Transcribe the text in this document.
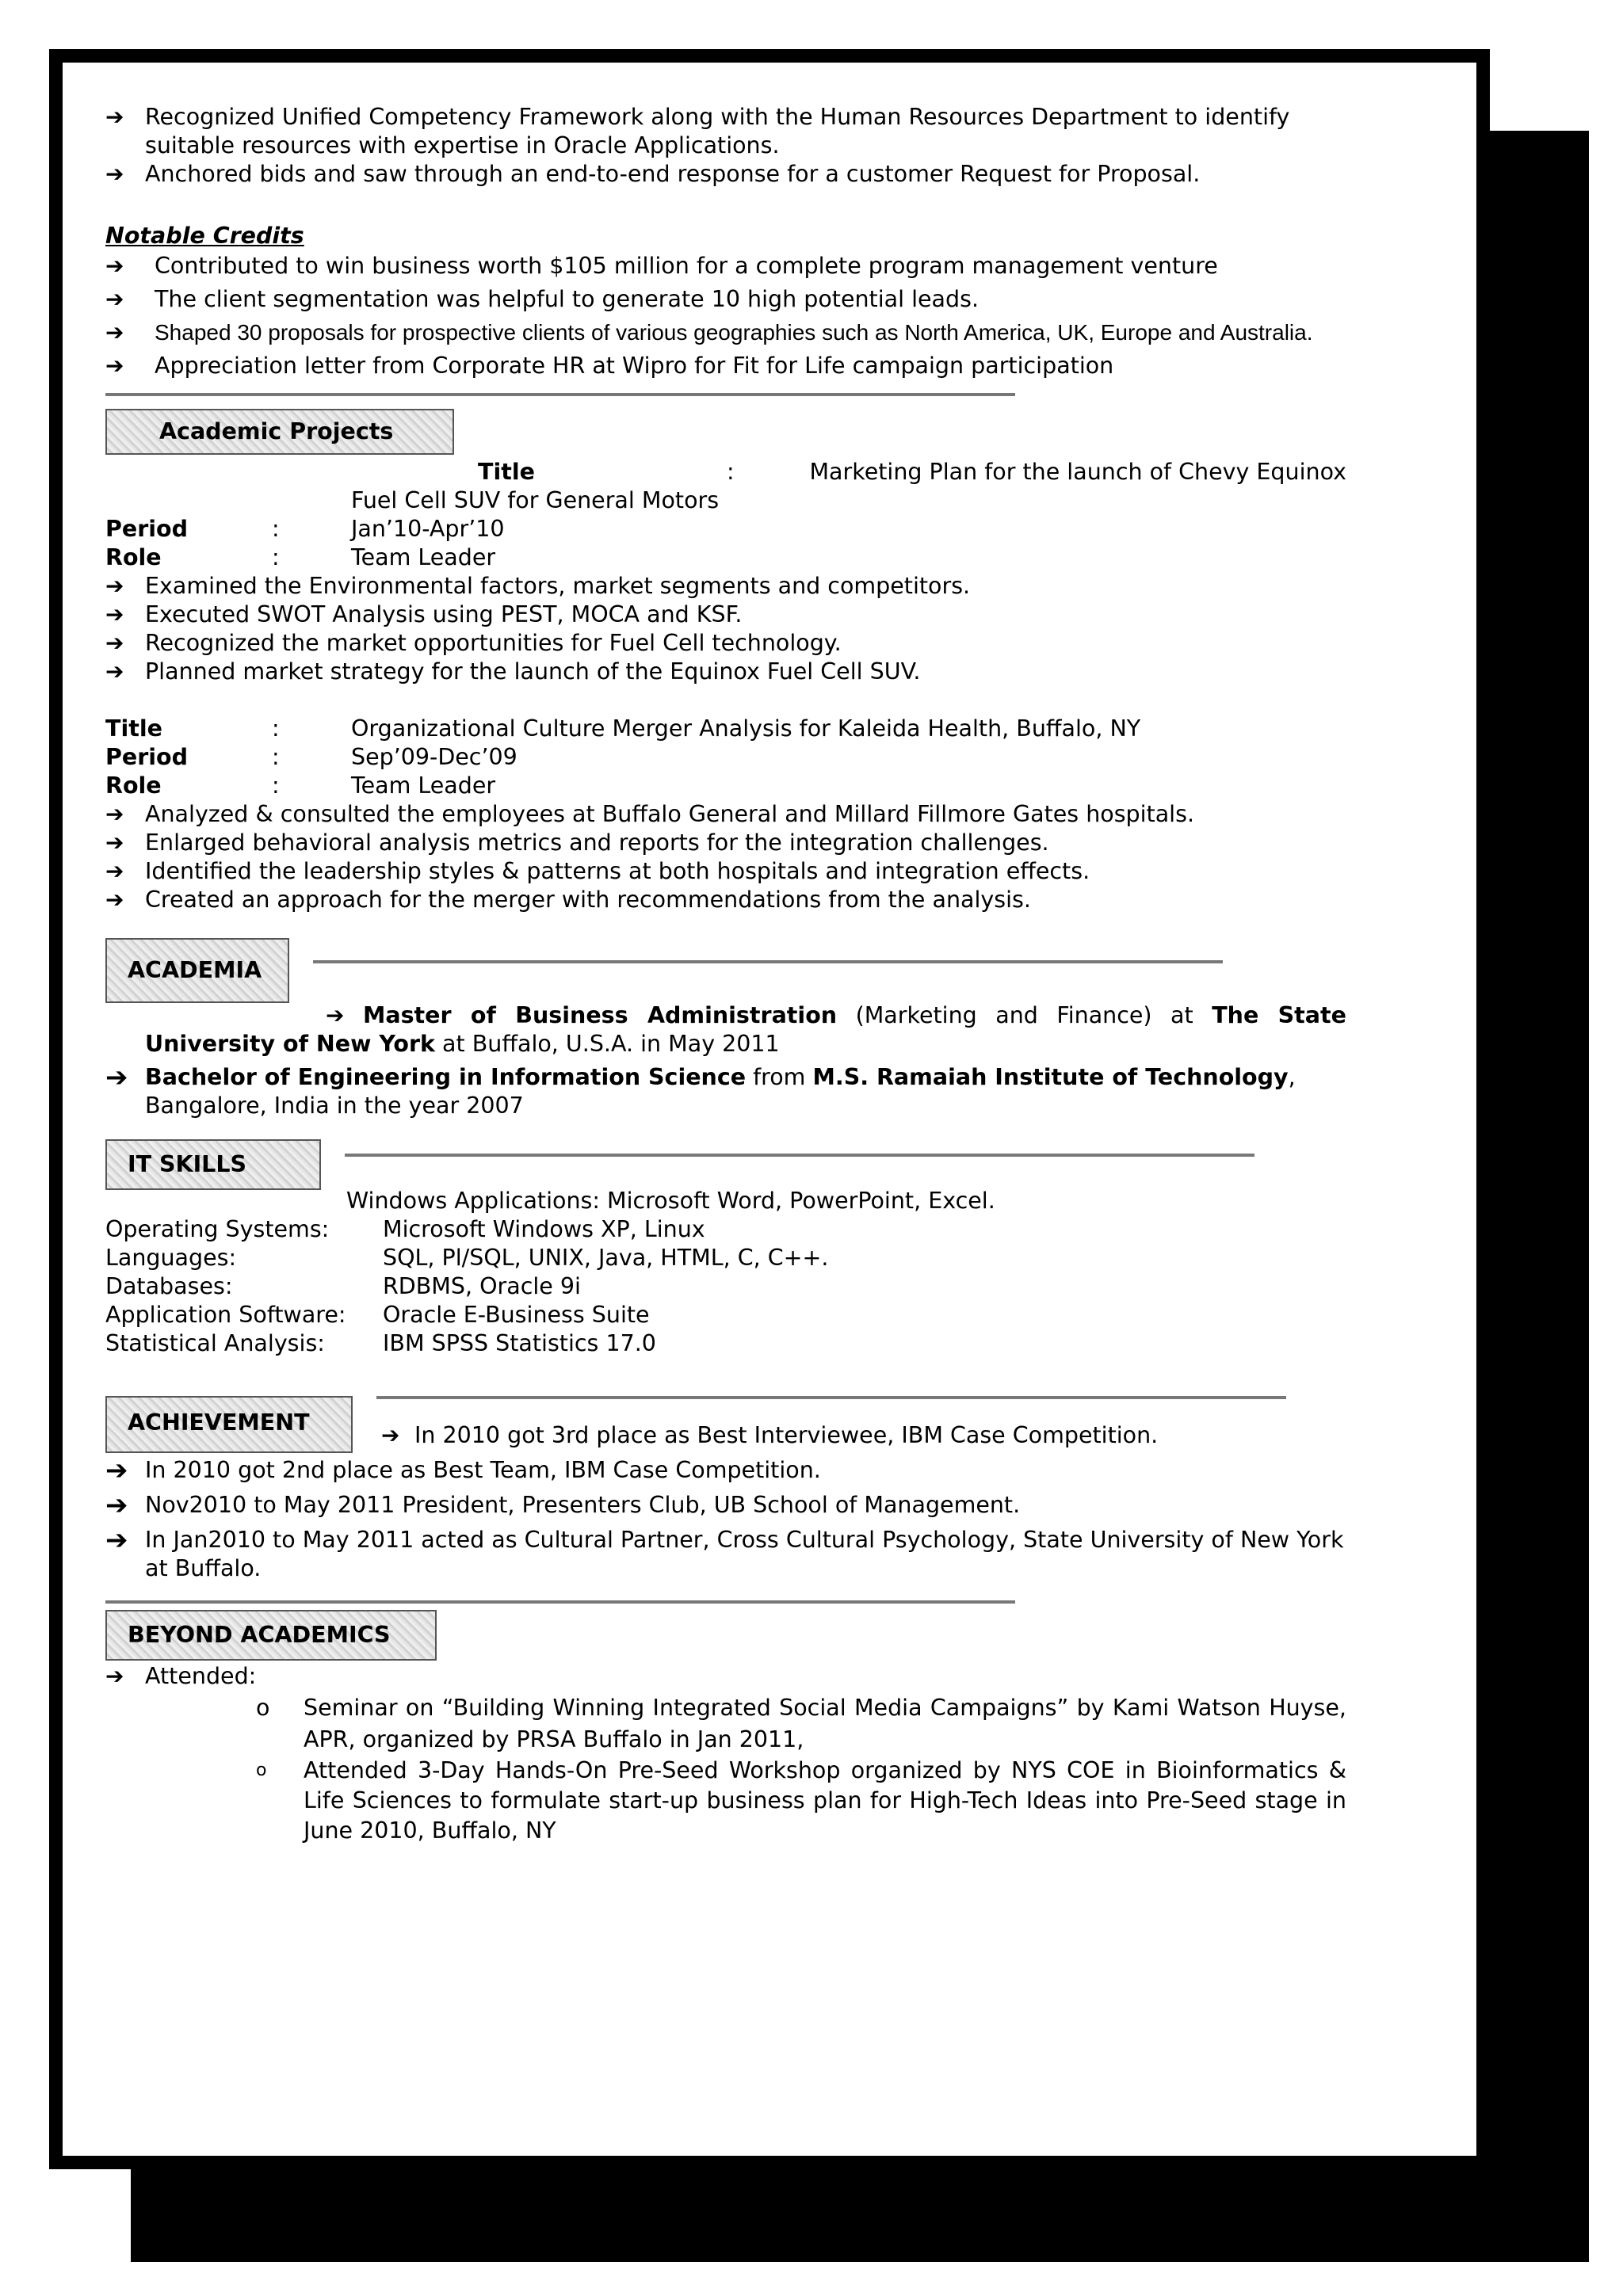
➔ Recognized Unified Competency Framework along with the Human Resources Department to identify suitable resources with expertise in Oracle Applications.
➔ Anchored bids and saw through an end-to-end response for a customer Request for Proposal.
Notable Credits
➔	Contributed to win business worth $105 million for a complete program management venture
➔	The client segmentation was helpful to generate 10 high potential leads.
➔	Shaped 30 proposals for prospective clients of various geographies such as North America, UK, Europe and Australia.
➔	Appreciation letter from Corporate HR at Wipro for Fit for Life campaign participation
Academic Projects
Title	:	Marketing Plan for the launch of Chevy Equinox
Fuel Cell SUV for General Motors
Period	:	Jan’10-Apr’10
Role	:	Team Leader
➔ Examined the Environmental factors, market segments and competitors.
➔ Executed SWOT Analysis using PEST, MOCA and KSF.
➔ Recognized the market opportunities for Fuel Cell technology.
➔ Planned market strategy for the launch of the Equinox Fuel Cell SUV.
Title	:	Organizational Culture Merger Analysis for Kaleida Health, Buffalo, NY
Period	:	Sep’09-Dec’09
Role	:	Team Leader
➔ Analyzed & consulted the employees at Buffalo General and Millard Fillmore Gates hospitals.
➔ Enlarged behavioral analysis metrics and reports for the integration challenges.
➔ Identified the leadership styles & patterns at both hospitals and integration effects.
➔ Created an approach for the merger with recommendations from the analysis.
ACADEMIA
➔ Master of Business Administration (Marketing and Finance) at The State University of New York at Buffalo, U.S.A. in May 2011
➔ Bachelor of Engineering in Information Science from M.S. Ramaiah Institute of Technology, Bangalore, India in the year 2007
IT SKILLS
Windows Applications: Microsoft Word, PowerPoint, Excel.
Operating Systems:	Microsoft Windows XP, Linux
Languages:	SQL, Pl/SQL, UNIX, Java, HTML, C, C++.
Databases:	RDBMS, Oracle 9i
Application Software:	Oracle E-Business Suite
Statistical Analysis:	IBM SPSS Statistics 17.0
ACHIEVEMENT	➔ In 2010 got 3rd place as Best Interviewee, IBM Case Competition.
➔ In 2010 got 2nd place as Best Team, IBM Case Competition.
➔ Nov2010 to May 2011 President, Presenters Club, UB School of Management.
➔ In Jan2010 to May 2011 acted as Cultural Partner, Cross Cultural Psychology, State University of New York at Buffalo.
BEYOND ACADEMICS
➔ Attended:
o Seminar on “Building Winning Integrated Social Media Campaigns” by Kami Watson Huyse, APR, organized by PRSA Buffalo in Jan 2011,
o Attended 3-Day Hands-On Pre-Seed Workshop organized by NYS COE in Bioinformatics & Life Sciences to formulate start-up business plan for High-Tech Ideas into Pre-Seed stage in June 2010, Buffalo, NY
